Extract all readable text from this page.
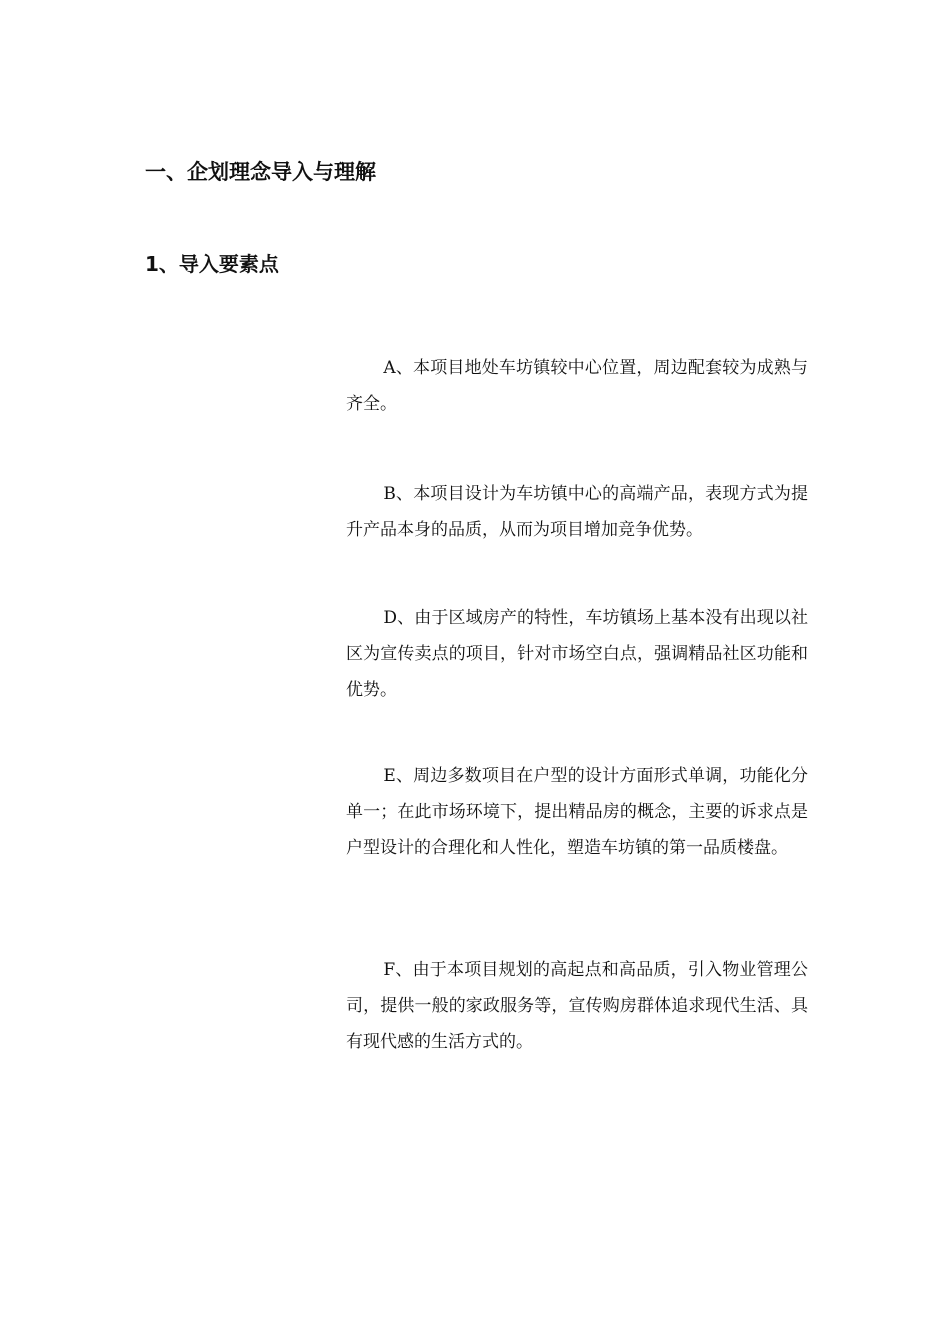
一、企划理念导入与理解
1、导入要素点

A、本项目地处车坊镇较中心位置，周边配套较为成熟与齐全。

B、本项目设计为车坊镇中心的高端产品，表现方式为提升产品本身的品质，从而为项目增加竞争优势。

D、由于区域房产的特性，车坊镇场上基本没有出现以社区为宣传卖点的项目，针对市场空白点，强调精品社区功能和优势。

E、周边多数项目在户型的设计方面形式单调，功能化分单一；在此市场环境下，提出精品房的概念，主要的诉求点是户型设计的合理化和人性化，塑造车坊镇的第一品质楼盘。

F、由于本项目规划的高起点和高品质，引入物业管理公司，提供一般的家政服务等，宣传购房群体追求现代生活、具有现代感的生活方式的。
